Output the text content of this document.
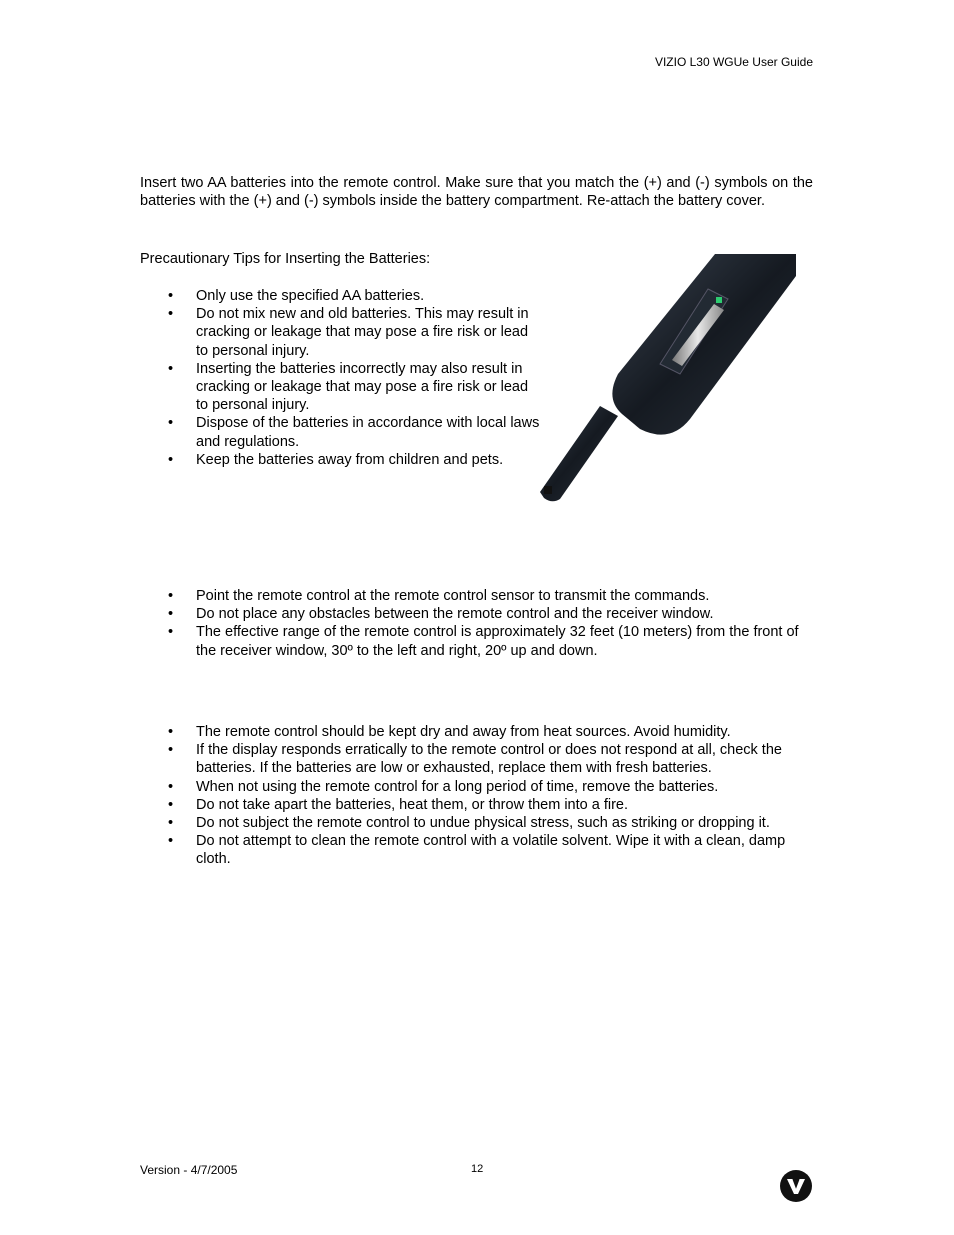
VIZIO L30 WGUe User Guide

Insert two AA batteries into the remote control. Make sure that you match the (+) and (-) symbols on the batteries with the (+) and (-) symbols inside the battery compartment. Re-attach the battery cover.

Precautionary Tips for Inserting the Batteries:

•	Only use the specified AA batteries.
•	Do not mix new and old batteries. This may result in cracking or leakage that may pose a fire risk or lead to personal injury.
•	Inserting the batteries incorrectly may also result in cracking or leakage that may pose a fire risk or lead to personal injury.
•	Dispose of the batteries in accordance with local laws and regulations.
•	Keep the batteries away from children and pets.
•	Point the remote control at the remote control sensor to transmit the commands.
•	Do not place any obstacles between the remote control and the receiver window.
•	The effective range of the remote control is approximately 32 feet (10 meters) from the front of the receiver window, 30º to the left and right, 20º up and down.
•	The remote control should be kept dry and away from heat sources. Avoid humidity.
•	If the display responds erratically to the remote control or does not respond at all, check the batteries. If the batteries are low or exhausted, replace them with fresh batteries.
•	When not using the remote control for a long period of time, remove the batteries.
•	Do not take apart the batteries, heat them, or throw them into a fire.
•	Do not subject the remote control to undue physical stress, such as striking or dropping it.
•	Do not attempt to clean the remote control with a volatile solvent. Wipe it with a clean, damp cloth.
Version - 4/7/2005	12
